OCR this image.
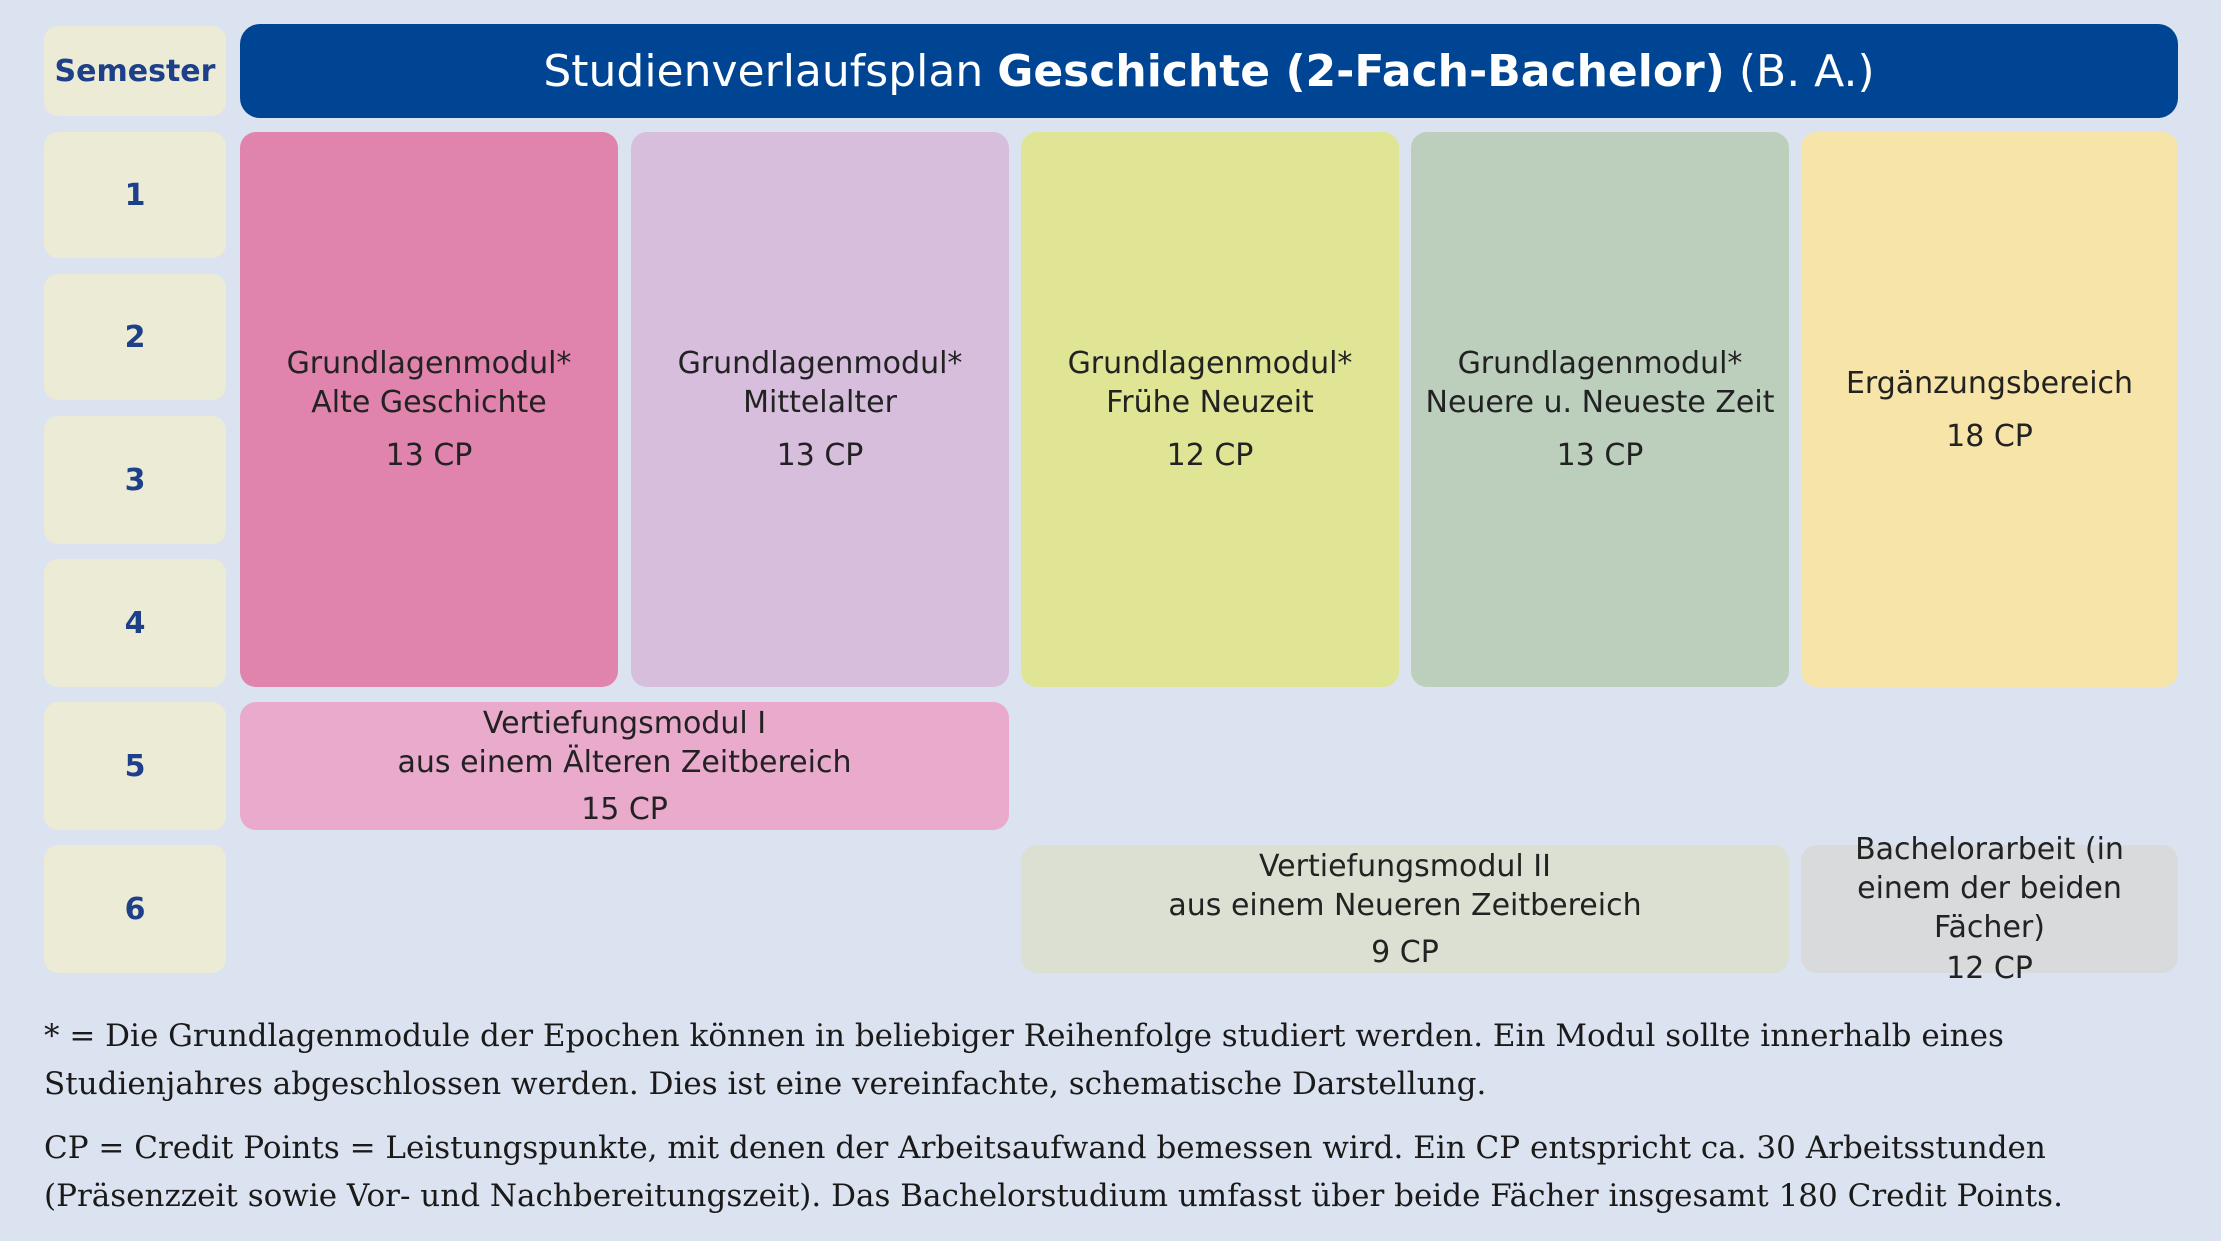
Semester
1
2
3
4
5
6
Studienverlaufsplan
Geschichte (2-Fach-Bachelor)
(B. A.)
Grundlagenmodul*
Alte Geschichte
13 CP
Grundlagenmodul*
Mittelalter
13 CP
Grundlagenmodul*
Frühe Neuzeit
12 CP
Grundlagenmodul*
Neuere u. Neueste Zeit
13 CP
Ergänzungsbereich
18 CP
Vertiefungsmodul I
aus einem Älteren Zeitbereich
15 CP
Vertiefungsmodul II
aus einem Neueren Zeitbereich
9 CP
Bachelorarbeit (in
einem der beiden Fächer)
12 CP
* = Die Grundlagenmodule der Epochen können in beliebiger Reihenfolge studiert werden. Ein Modul sollte innerhalb eines Studienjahres abgeschlossen werden. Dies ist eine vereinfachte, schematische Darstellung.
CP = Credit Points = Leistungspunkte, mit denen der Arbeitsaufwand bemessen wird. Ein CP entspricht ca. 30 Arbeitsstunden (Präsenzzeit sowie Vor- und Nachbereitungszeit). Das Bachelorstudium umfasst über beide Fächer insgesamt 180 Credit Points.
